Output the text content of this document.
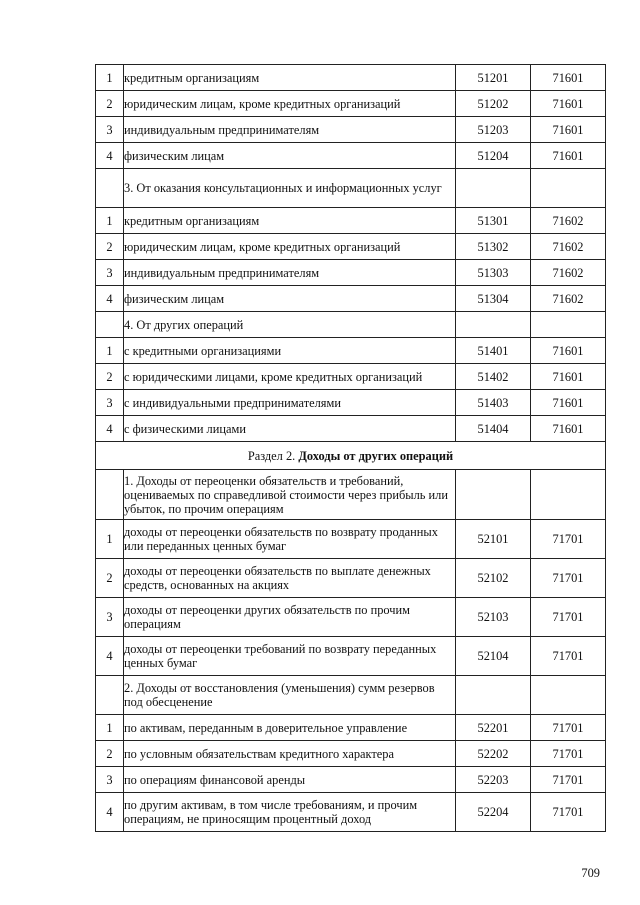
1	кредитным организациям	51201	71601
2	юридическим лицам, кроме кредитных организаций	51202	71601
3	индивидуальным предпринимателям	51203	71601
4	физическим лицам	51204	71601
	3. От оказания консультационных и информационных услуг		
1	кредитным организациям	51301	71602
2	юридическим лицам, кроме кредитных организаций	51302	71602
3	индивидуальным предпринимателям	51303	71602
4	физическим лицам	51304	71602
	4. От других операций		
1	с кредитными организациями	51401	71601
2	с юридическими лицами, кроме кредитных организаций	51402	71601
3	с индивидуальными предпринимателями	51403	71601
4	с физическими лицами	51404	71601
Раздел 2. Доходы от других операций			
	1. Доходы от переоценки обязательств и требований, оцениваемых по справедливой стоимости через прибыль или убыток, по прочим операциям		
1	доходы от переоценки обязательств по возврату проданных или переданных ценных бумаг	52101	71701
2	доходы от переоценки обязательств по выплате денежных средств, основанных на акциях	52102	71701
3	доходы от переоценки других обязательств по прочим операциям	52103	71701
4	доходы от переоценки требований по возврату переданных ценных бумаг	52104	71701
	2. Доходы от восстановления (уменьшения) сумм резервов под обесценение		
1	по активам, переданным в доверительное управление	52201	71701
2	по условным обязательствам кредитного характера	52202	71701
3	по операциям финансовой аренды	52203	71701
4	по другим активам, в том числе требованиям, и прочим операциям, не приносящим процентный доход	52204	71701
709
